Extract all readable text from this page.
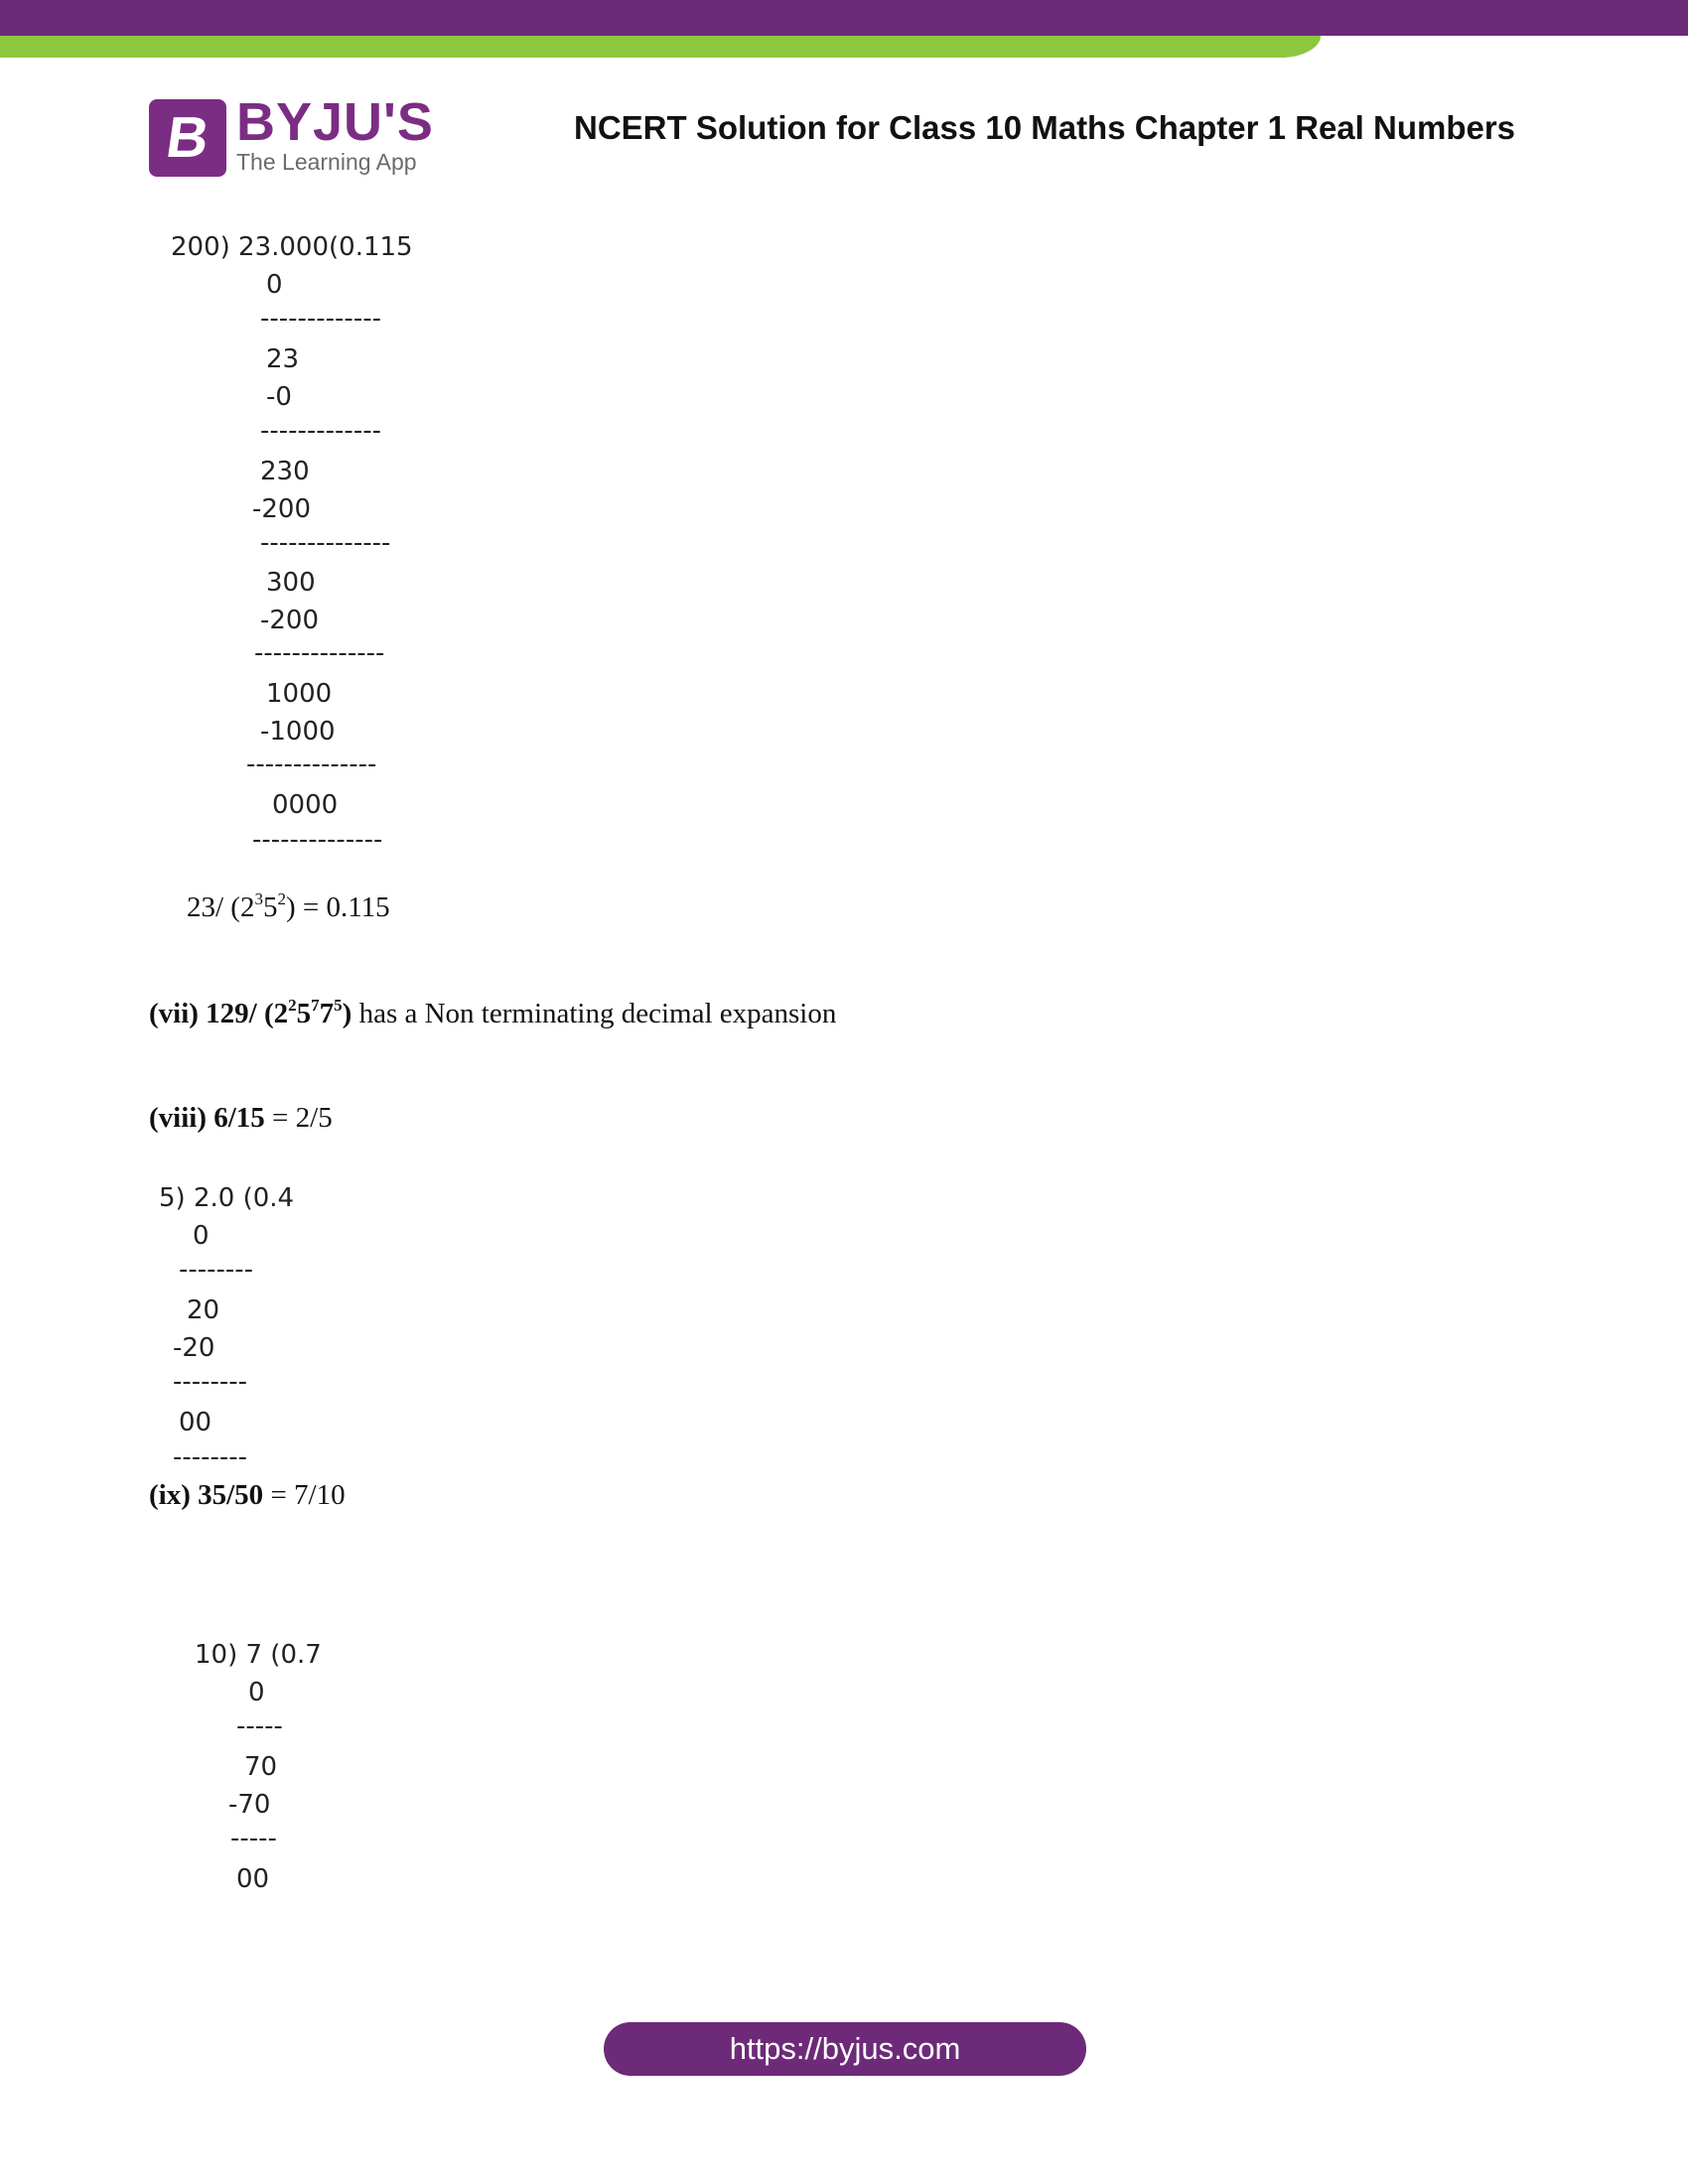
B BYJU'S
The Learning App
NCERT Solution for Class 10 Maths Chapter 1 Real Numbers
200) 23.000(0.115
0
-------------
23
-0
-------------
230
-200
--------------
300
-200
--------------
1000
-1000
--------------
0000
--------------
23/ $(2^35^2) = 0.115$
(vii) 129/ $(2^25^77^5)$ has a Non terminating decimal expansion
(viii) 6/15 = 2/5
5) 2.0 (0.4
0
--------
20
-20
--------
00
--------
(ix) 35/50 = 7/10
10) 7 (0.7
0
-----
70
-70
-----
00
https://byjus.com
